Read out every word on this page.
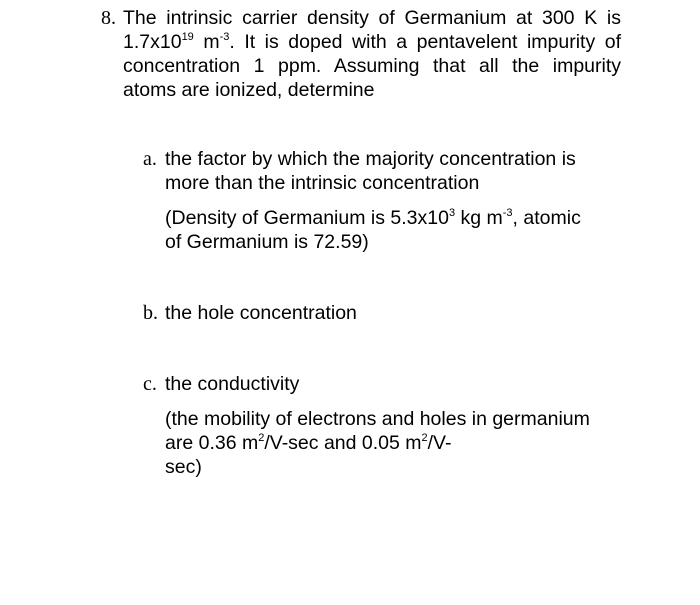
8. The intrinsic carrier density of Germanium at 300 K is
$1.7x10^{19}$ $m^{-3}$. It is doped with a pentavelent impurity of
concentration 1 ppm. Assuming that all the impurity
atoms are ionized, determine
a. the factor by which the majority concentration is
more than the intrinsic concentration
(Density of Germanium is $5.3x10^3$ kg $m^{-3}$, atomic
of Germanium is 72.59)
b. the hole concentration
c. the conductivity
(the mobility of electrons and holes in germanium
are 0.36 $m^2/V-\sec$ and 0.05 $m^2/V-$
sec)
